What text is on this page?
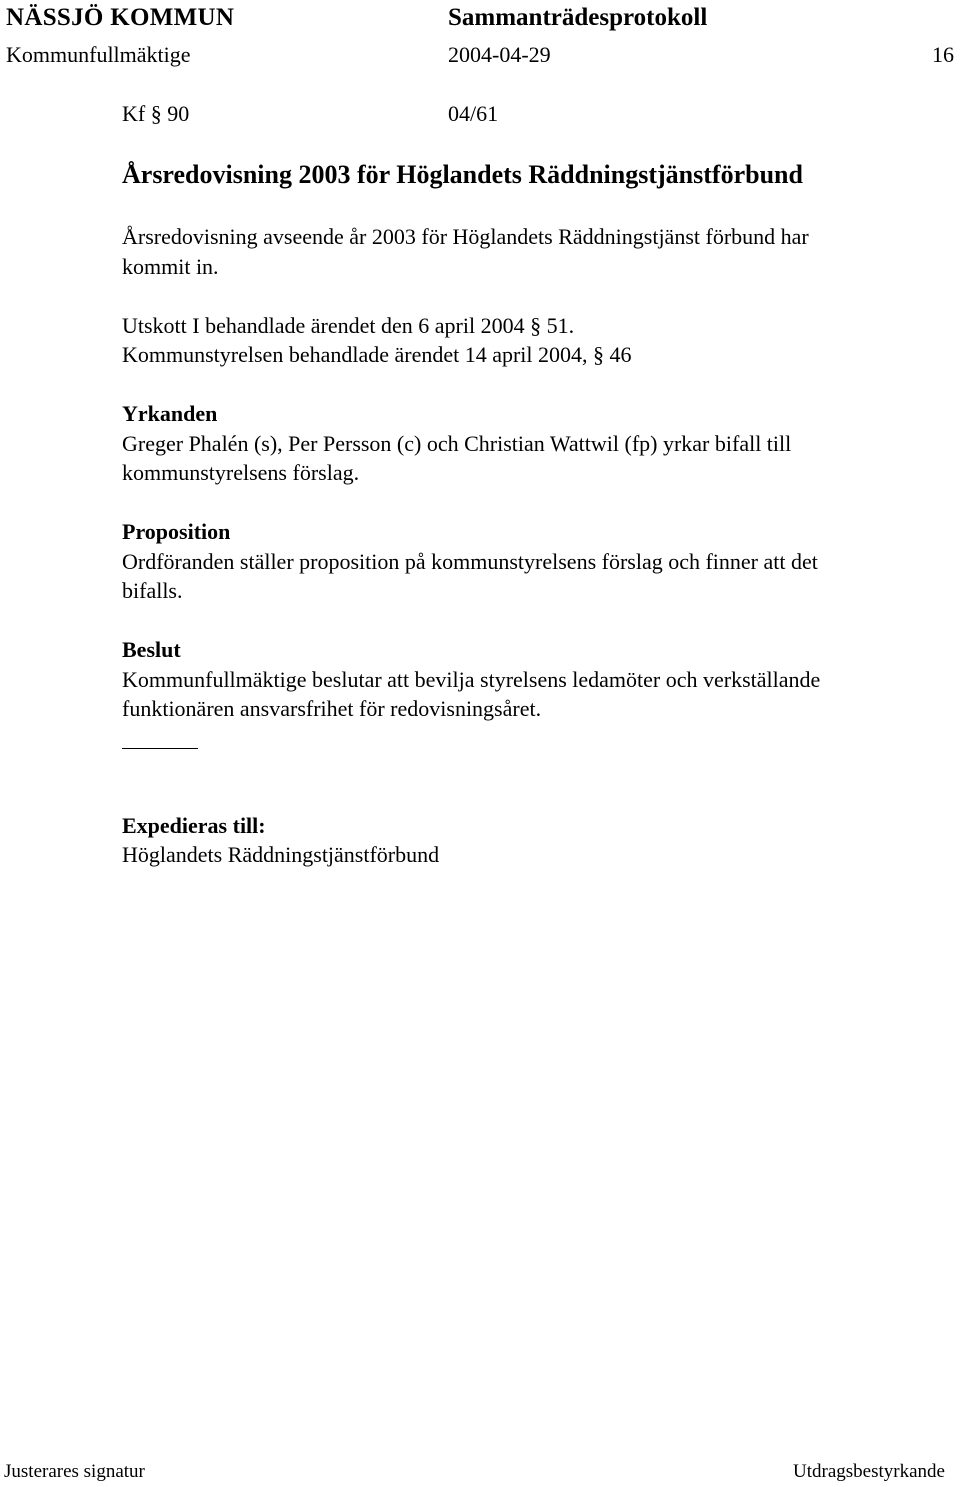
NÄSSJÖ KOMMUN	Sammanträdesprotokoll
Kommunfullmäktige	2004-04-29	16
Kf § 90	04/61
Årsredovisning 2003 för Höglandets Räddningstjänstförbund

Årsredovisning avseende år 2003 för Höglandets Räddningstjänst förbund har

kommit in.

Utskott I behandlade ärendet den 6 april 2004 § 51.

Kommunstyrelsen behandlade ärendet 14 april 2004, § 46

Yrkanden

Greger Phalén (s), Per Persson (c) och Christian Wattwil (fp) yrkar bifall till

kommunstyrelsens förslag.

Proposition

Ordföranden ställer proposition på kommunstyrelsens förslag och finner att det

bifalls.

Beslut

Kommunfullmäktige beslutar att bevilja styrelsens ledamöter och verkställande

funktionären ansvarsfrihet för redovisningsåret.

Expedieras till:

Höglandets Räddningstjänstförbund

Justerares signatur	Utdragsbestyrkande
